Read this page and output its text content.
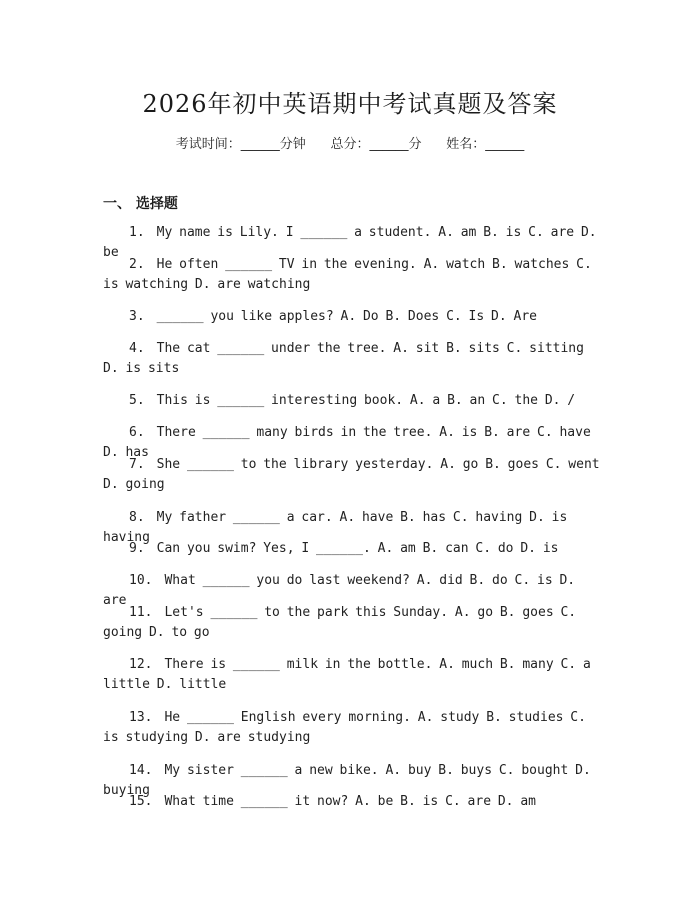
2026年初中英语期中考试真题及答案
考试时间：______分钟      总分：______分      姓名：______
一、 选择题
1. My name is Lily. I ______ a student. A. am B. is C. are D. be
2. He often ______ TV in the evening. A. watch B. watches C. is watching D. are watching
3. ______ you like apples? A. Do B. Does C. Is D. Are
4. The cat ______ under the tree. A. sit B. sits C. sitting D. is sits
5. This is ______ interesting book. A. a B. an C. the D. /
6. There ______ many birds in the tree. A. is B. are C. have D. has
7. She ______ to the library yesterday. A. go B. goes C. went D. going
8. My father ______ a car. A. have B. has C. having D. is having
9. Can you swim? Yes, I ______. A. am B. can C. do D. is
10. What ______ you do last weekend? A. did B. do C. is D. are
11. Let's ______ to the park this Sunday. A. go B. goes C. going D. to go
12. There is ______ milk in the bottle. A. much B. many C. a little D. little
13. He ______ English every morning. A. study B. studies C. is studying D. are studying
14. My sister ______ a new bike. A. buy B. buys C. bought D. buying
15. What time ______ it now? A. be B. is C. are D. am
